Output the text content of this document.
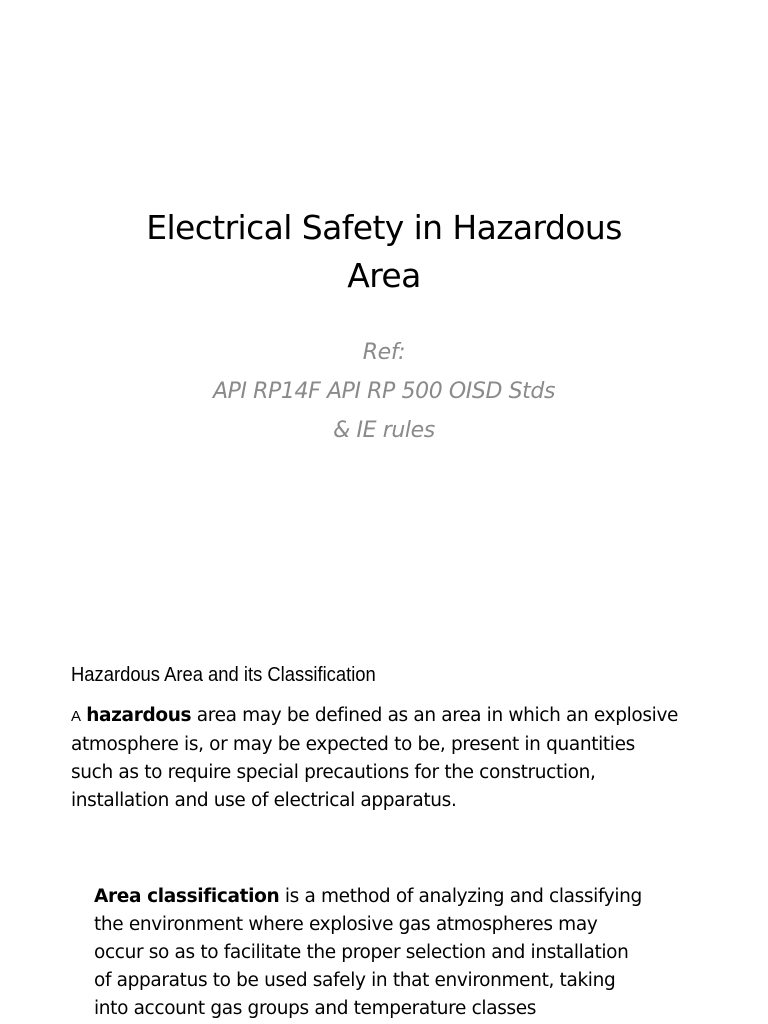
Electrical Safety in Hazardous
Area
Ref:
API RP14F API RP 500 OISD Stds
& IE rules
Hazardous Area and its Classification
A hazardous area may be defined as an area in which an explosive
atmosphere is, or may be expected to be, present in quantities
such as to require special precautions for the construction,
installation and use of electrical apparatus.
Area classification is a method of analyzing and classifying
the environment where explosive gas atmospheres may
occur so as to facilitate the proper selection and installation
of apparatus to be used safely in that environment, taking
into account gas groups and temperature classes
